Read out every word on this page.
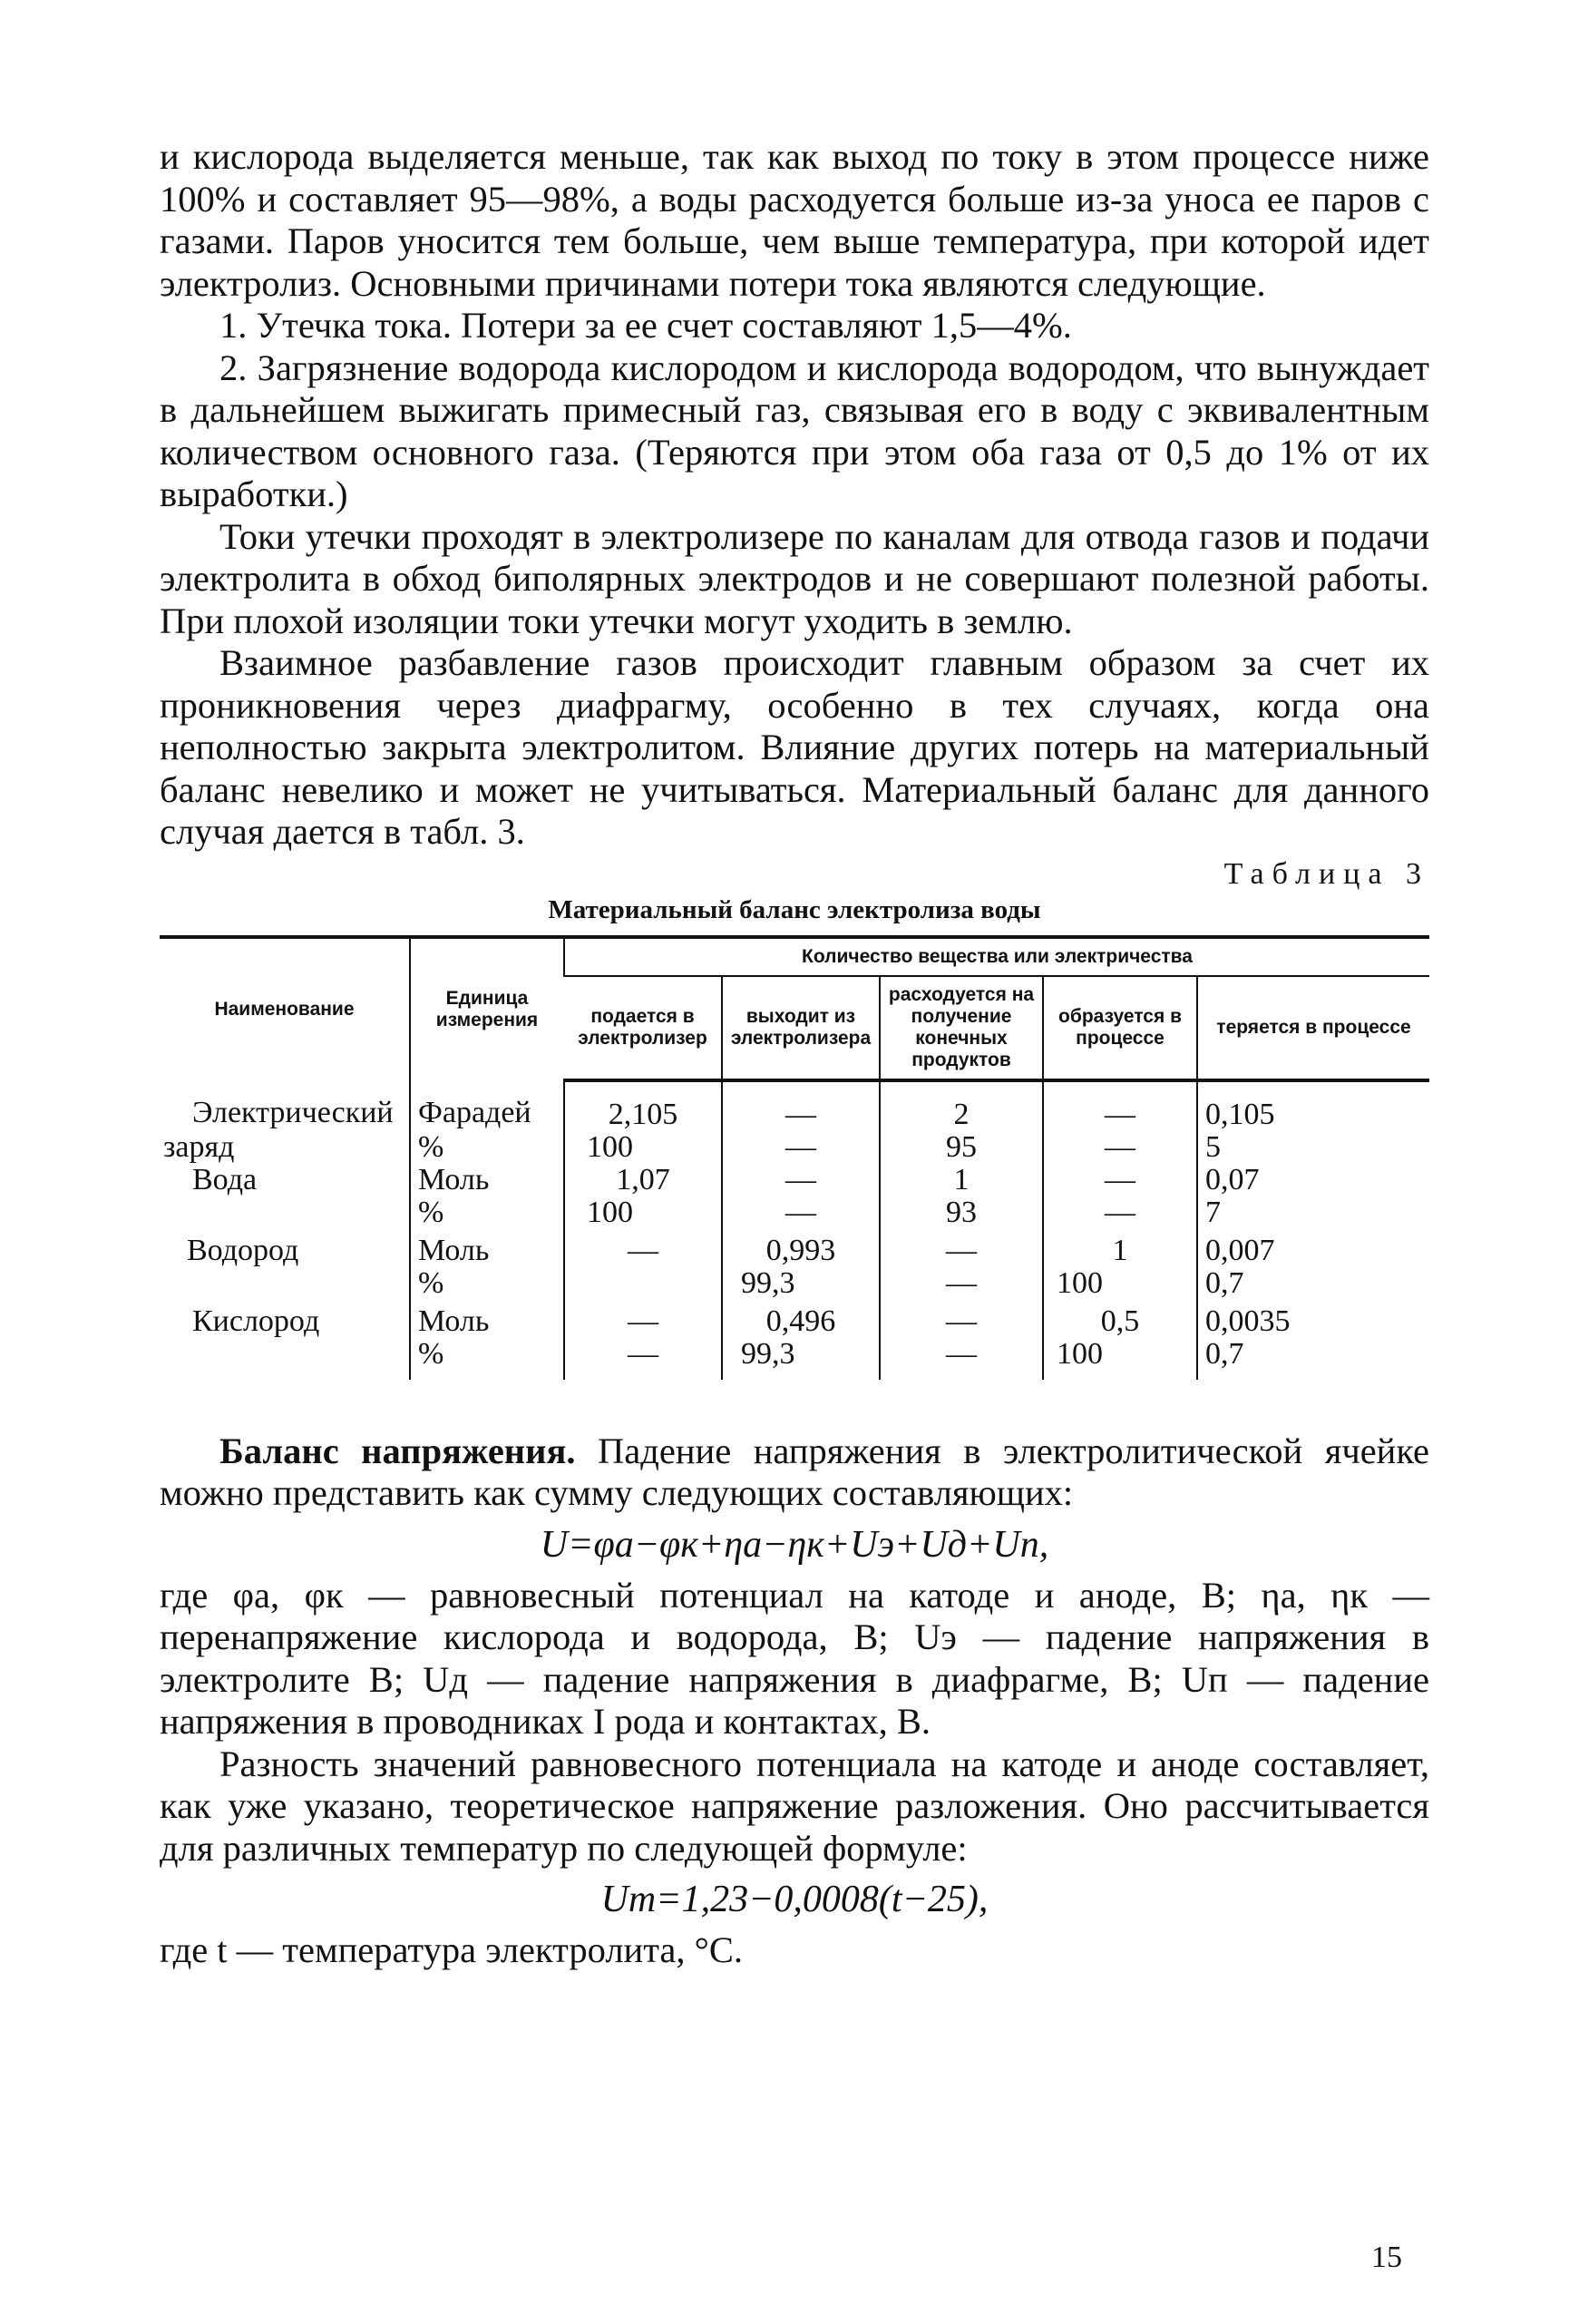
и кислорода выделяется меньше, так как выход по току в этом процессе ниже 100% и составляет 95—98%, а воды расходуется больше из-за уноса ее паров с газами. Паров уносится тем больше, чем выше температура, при которой идет электролиз. Основными причинами потери тока являются следующие.

1. Утечка тока. Потери за ее счет составляют 1,5—4%.

2. Загрязнение водорода кислородом и кислорода водородом, что вынуждает в дальнейшем выжигать примесный газ, связывая его в воду с эквивалентным количеством основного газа. (Теряются при этом оба газа от 0,5 до 1% от их выработки.)

Токи утечки проходят в электролизере по каналам для отвода газов и подачи электролита в обход биполярных электродов и не совершают полезной работы. При плохой изоляции токи утечки могут уходить в землю.

Взаимное разбавление газов происходит главным образом за счет их проникновения через диафрагму, особенно в тех случаях, когда она неполностью закрыта электролитом. Влияние других потерь на материальный баланс невелико и может не учитываться. Материальный баланс для данного случая дается в табл. 3.

Таблица 3
Материальный баланс электролиза воды
Наименование	Единица измерения	Количество вещества или электричества				
		подается в электролизер	выходит из электролизера	расходуется на получение конечных продуктов	образуется в процессе	теряется в процессе
Электрический	Фарадей	2,105	—	2	—	0,105
заряд	%	100	—	95	—	5
Вода	Моль	1,07	—	1	—	0,07
	%	100	—	93	—	7
Водород	Моль	—	0,993	—	1	0,007
	%		99,3	—	100	0,7
Кислород	Моль	—	0,496	—	0,5	0,0035
	%	—	99,3	—	100	0,7

Баланс напряжения. Падение напряжения в электролитической ячейке можно представить как сумму следующих составляющих:

U=φа−φк+ηа−ηк+Uэ+Uд+Uп,

где φа, φк — равновесный потенциал на катоде и аноде, В; ηа, ηк — перенапряжение кислорода и водорода, В; Uэ — падение напряжения в электролите В; Uд — падение напряжения в диафрагме, В; Uп — падение напряжения в проводниках I рода и контактах, В.

Разность значений равновесного потенциала на катоде и аноде составляет, как уже указано, теоретическое напряжение разложения. Оно рассчитывается для различных температур по следующей формуле:

Uт=1,23−0,0008(t−25),

где t — температура электролита, °С.

15
